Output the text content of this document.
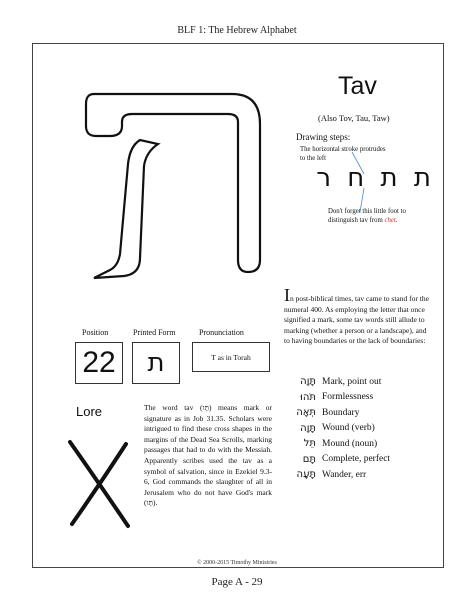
BLF 1: The Hebrew Alphabet
Tav
(Also Tov, Tau, Taw)
Drawing steps:
The horizontal stroke protrudes to the left
ת ת ח ר
Don't forget this little foot to distinguish tav from chet.
Position	Printed Form	Pronunciation
22	ת	T as in Torah
Lore	The word tav (תָּו) means mark or signature as in Job 31.35. Scholars were intrigued to find these cross shapes in the margins of the Dead Sea Scrolls, marking passages that had to do with the Messiah. Apparently scribes used the tav as a symbol of salvation, since in Ezekiel 9.3-6, God commands the slaughter of all in Jerusalem who do not have God's mark (תָּו).
In post-biblical times, tav came to stand for the numeral 400. As employing the letter that once signified a mark, some tav words still allude to marking (whether a person or a landscape), and to having boundaries or the lack of boundaries:
תָּוָה Mark, point out
תֹּהוּ Formlessness
תְּאָה Boundary
תָּוָה Wound (verb)
תֵּל Mound (noun)
תָּם Complete, perfect
תָּעָה Wander, err
© 2000-2015 Timothy Ministries
Page A - 29
